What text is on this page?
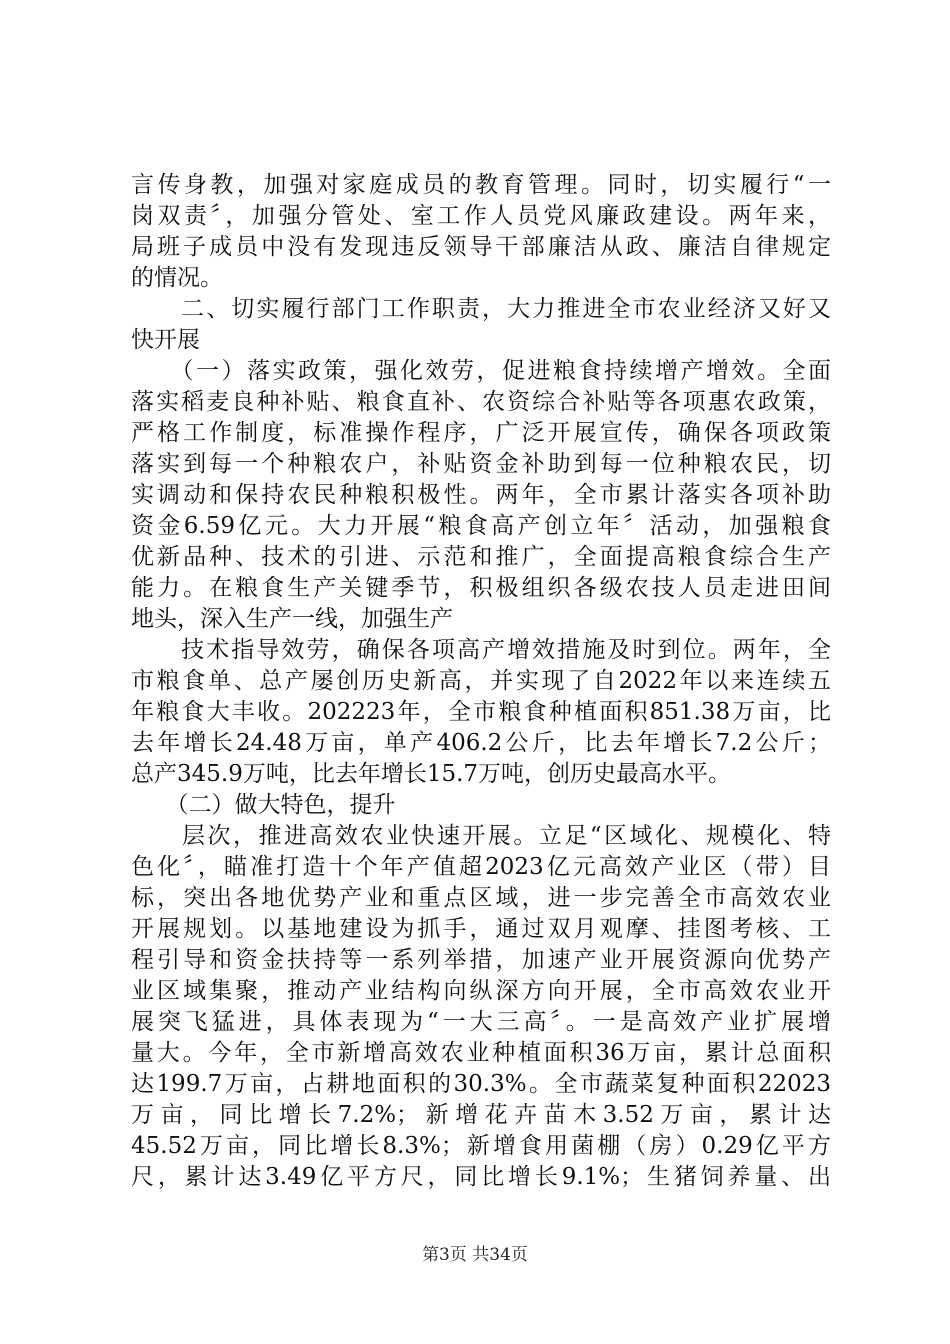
言传身教，加强对家庭成员的教育管理。同时，切实履行“一
岗双责〞，加强分管处、室工作人员党风廉政建设。两年来，
局班子成员中没有发现违反领导干部廉洁从政、廉洁自律规定
的情况。
　　二、切实履行部门工作职责，大力推进全市农业经济又好又
快开展
　　（一）落实政策，强化效劳，促进粮食持续增产增效。全面
落实稻麦良种补贴、粮食直补、农资综合补贴等各项惠农政策，
严格工作制度，标准操作程序，广泛开展宣传，确保各项政策
落实到每一个种粮农户，补贴资金补助到每一位种粮农民，切
实调动和保持农民种粮积极性。两年，全市累计落实各项补助
资金6.59亿元。大力开展“粮食高产创立年〞活动，加强粮食
优新品种、技术的引进、示范和推广，全面提高粮食综合生产
能力。在粮食生产关键季节，积极组织各级农技人员走进田间
地头，深入生产一线，加强生产
　　技术指导效劳，确保各项高产增效措施及时到位。两年，全
市粮食单、总产屡创历史新高，并实现了自2022年以来连续五
年粮食大丰收。202223年，全市粮食种植面积851.38万亩，比
去年增长24.48万亩，单产406.2公斤，比去年增长7.2公斤；
总产345.9万吨，比去年增长15.7万吨，创历史最高水平。
　　（二）做大特色，提升
　　层次，推进高效农业快速开展。立足“区域化、规模化、特
色化〞，瞄准打造十个年产值超2023亿元高效产业区（带）目
标，突出各地优势产业和重点区域，进一步完善全市高效农业
开展规划。以基地建设为抓手，通过双月观摩、挂图考核、工
程引导和资金扶持等一系列举措，加速产业开展资源向优势产
业区域集聚，推动产业结构向纵深方向开展，全市高效农业开
展突飞猛进，具体表现为“一大三高〞。一是高效产业扩展增
量大。今年，全市新增高效农业种植面积36万亩，累计总面积
达199.7万亩，占耕地面积的30.3%。全市蔬菜复种面积22023
万亩，同比增长7.2%；新增花卉苗木3.52万亩，累计达
45.52万亩，同比增长8.3%；新增食用菌棚（房）0.29亿平方
尺，累计达3.49亿平方尺，同比增长9.1%；生猪饲养量、出
第3页 共34页
